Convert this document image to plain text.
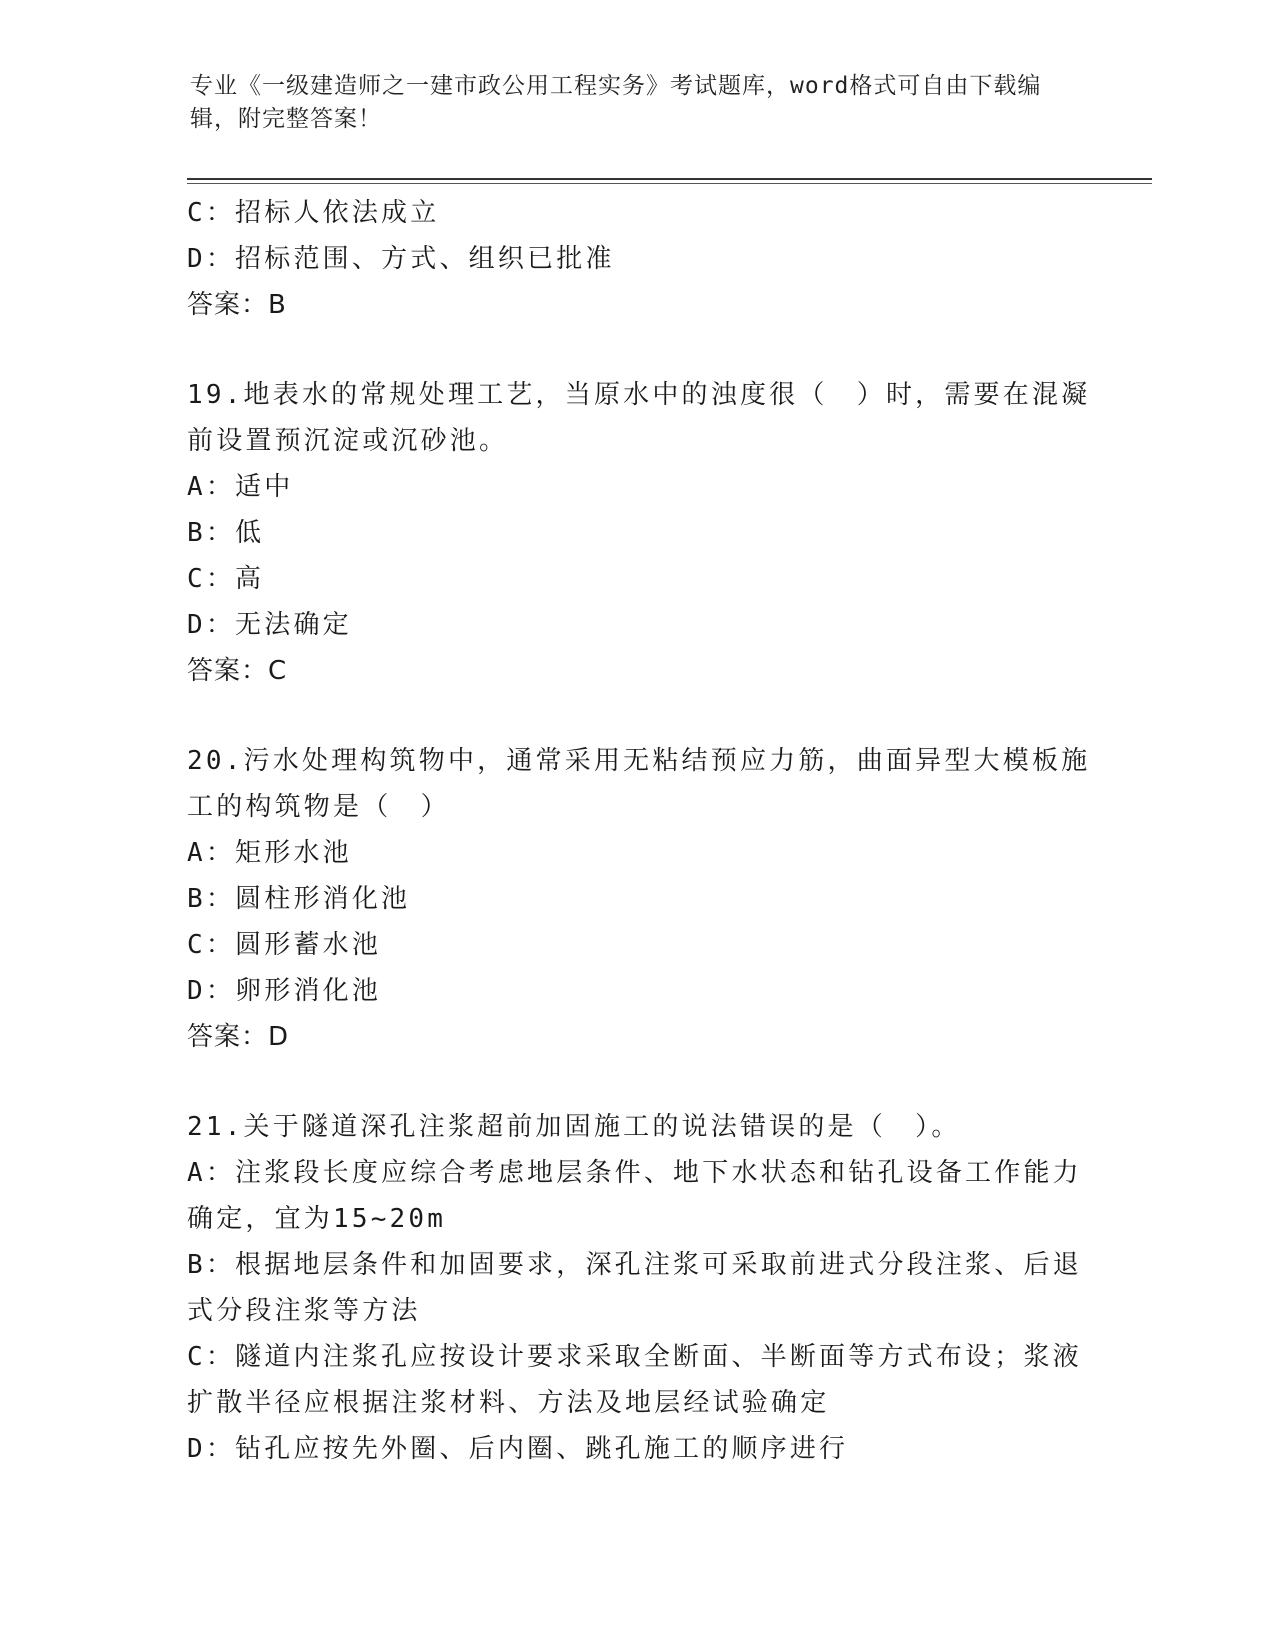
专业《一级建造师之一建市政公用工程实务》考试题库，word格式可自由下载编辑，附完整答案！
C：招标人依法成立
D：招标范围、方式、组织已批准
答案：B
19.地表水的常规处理工艺，当原水中的浊度很（　）时，需要在混凝
前设置预沉淀或沉砂池。
A：适中
B：低
C：高
D：无法确定
答案：C
20.污水处理构筑物中，通常采用无粘结预应力筋，曲面异型大模板施
工的构筑物是（　）
A：矩形水池
B：圆柱形消化池
C：圆形蓄水池
D：卵形消化池
答案：D
21.关于隧道深孔注浆超前加固施工的说法错误的是（　）。
A：注浆段长度应综合考虑地层条件、地下水状态和钻孔设备工作能力
确定，宜为15~20m
B：根据地层条件和加固要求，深孔注浆可采取前进式分段注浆、后退
式分段注浆等方法
C：隧道内注浆孔应按设计要求采取全断面、半断面等方式布设；浆液
扩散半径应根据注浆材料、方法及地层经试验确定
D：钻孔应按先外圈、后内圈、跳孔施工的顺序进行
